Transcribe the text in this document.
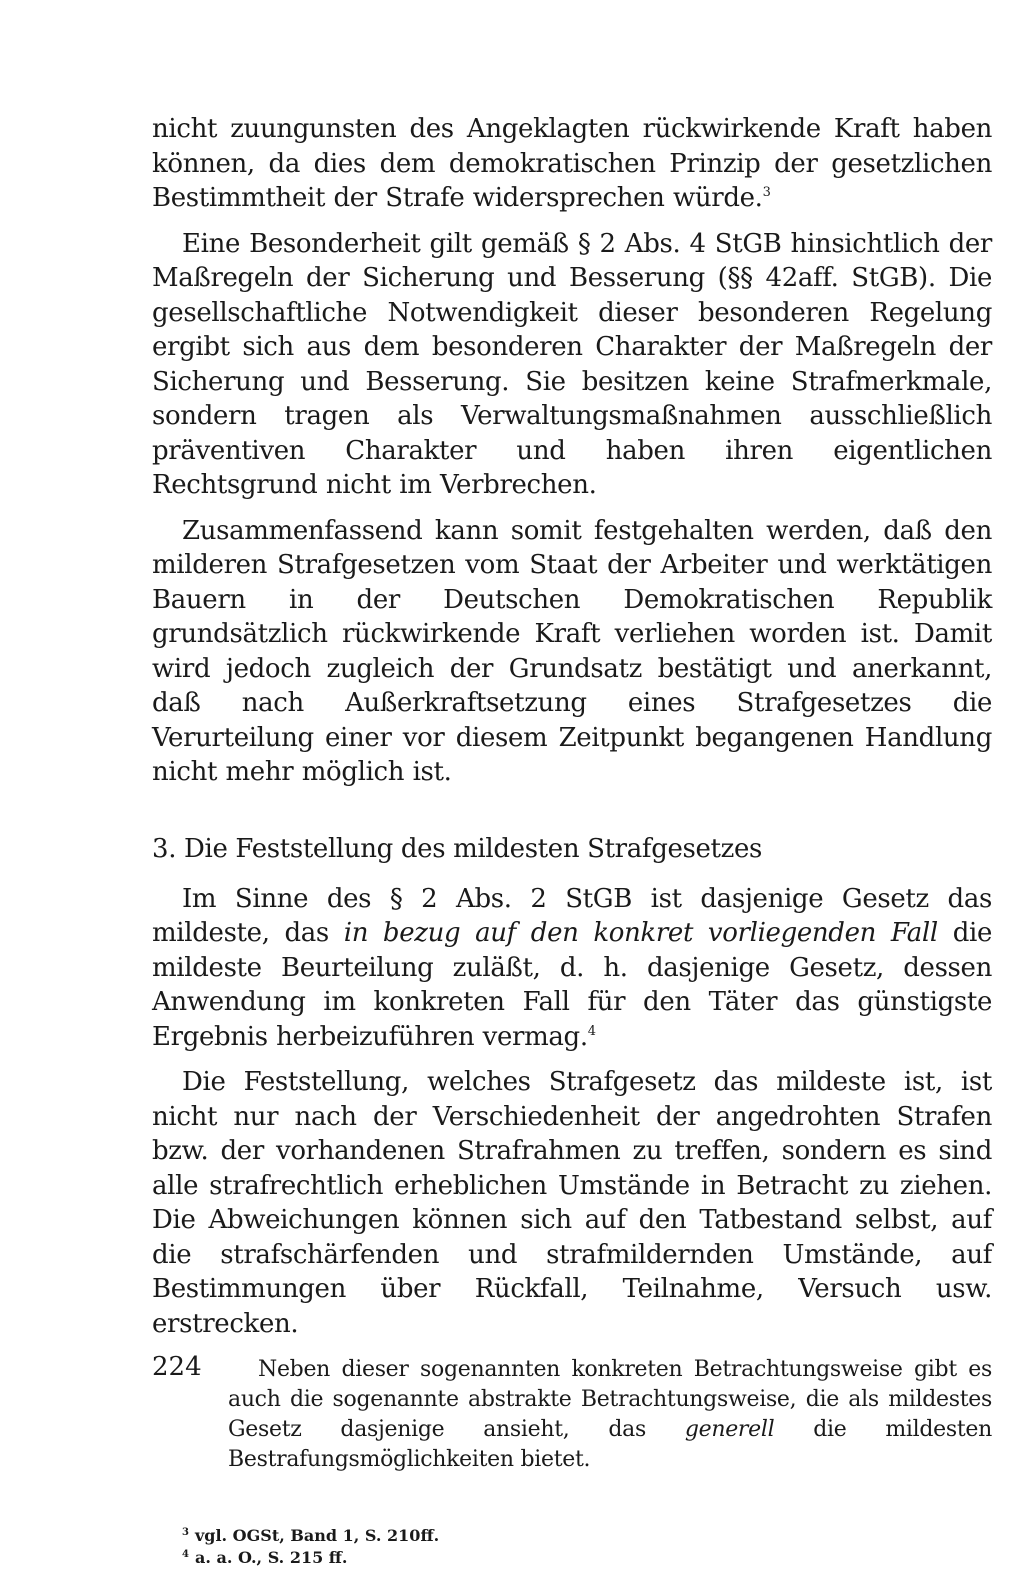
nicht zuungunsten des Angeklagten rückwirkende Kraft haben können, da dies dem demokratischen Prinzip der gesetzlichen Bestimmtheit der Strafe widersprechen würde.$^3$

Eine Besonderheit gilt gemäß § 2 Abs. 4 StGB hinsichtlich der Maßregeln der Sicherung und Besserung (§§ 42aff. StGB). Die gesellschaftliche Notwendigkeit dieser besonderen Regelung ergibt sich aus dem besonderen Charakter der Maßregeln der Sicherung und Besserung. Sie besitzen keine Strafmerkmale, sondern tragen als Verwaltungsmaßnahmen ausschließlich präventiven Charakter und haben ihren eigentlichen Rechtsgrund nicht im Verbrechen.

Zusammenfassend kann somit festgehalten werden, daß den milderen Strafgesetzen vom Staat der Arbeiter und werktätigen Bauern in der Deutschen Demokratischen Republik grundsätzlich rückwirkende Kraft verliehen worden ist. Damit wird jedoch zugleich der Grundsatz bestätigt und anerkannt, daß nach Außerkraftsetzung eines Strafgesetzes die Verurteilung einer vor diesem Zeitpunkt begangenen Handlung nicht mehr möglich ist.

3. Die Feststellung des mildesten Strafgesetzes

Im Sinne des § 2 Abs. 2 StGB ist dasjenige Gesetz das mildeste, das in bezug auf den konkret vorliegenden Fall die mildeste Beurteilung zuläßt, d. h. dasjenige Gesetz, dessen Anwendung im konkreten Fall für den Täter das günstigste Ergebnis herbeizuführen vermag.$^4$

Die Feststellung, welches Strafgesetz das mildeste ist, ist nicht nur nach der Verschiedenheit der angedrohten Strafen bzw. der vorhandenen Strafrahmen zu treffen, sondern es sind alle strafrechtlich erheblichen Umstände in Betracht zu ziehen. Die Abweichungen können sich auf den Tatbestand selbst, auf die strafschärfenden und strafmildernden Umstände, auf Bestimmungen über Rückfall, Teilnahme, Versuch usw. erstrecken.

Neben dieser sogenannten konkreten Betrachtungsweise gibt es auch die sogenannte abstrakte Betrachtungsweise, die als mildestes Gesetz dasjenige ansieht, das generell die mildesten Bestrafungsmöglichkeiten bietet.

$^3$ vgl. OGSt, Band 1, S. 210ff.
$^4$ a. a. O., S. 215 ff.
224
